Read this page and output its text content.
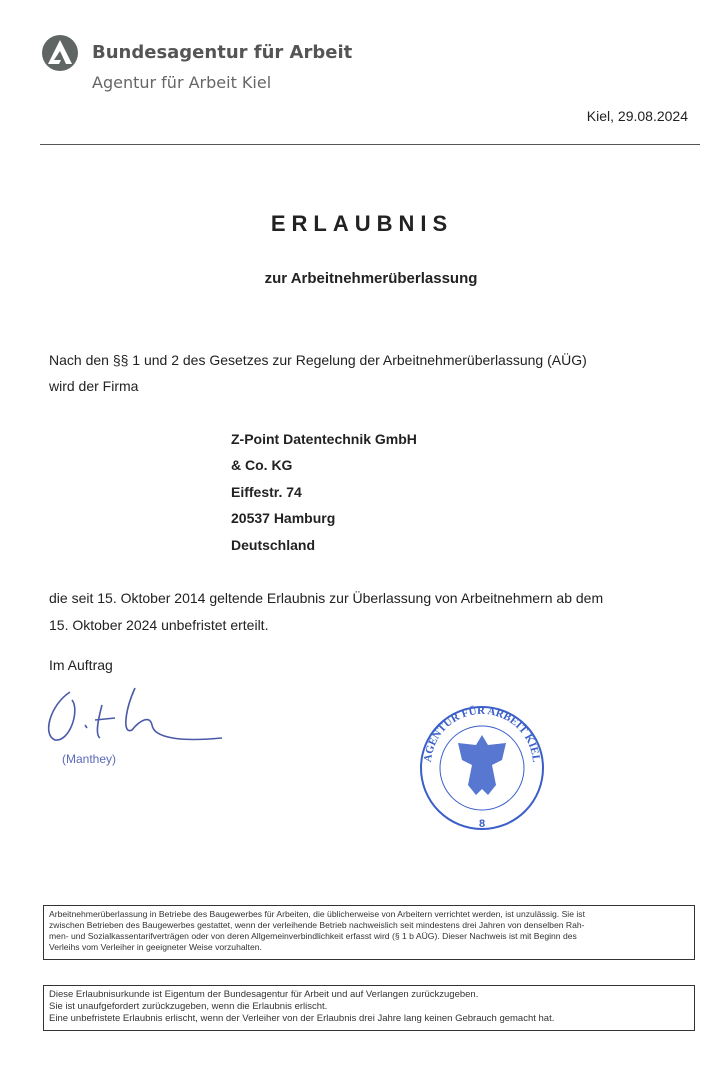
Bundesagentur für Arbeit
Agentur für Arbeit Kiel
Kiel, 29.08.2024
ERLAUBNIS
zur Arbeitnehmerüberlassung
Nach den §§ 1 und 2 des Gesetzes zur Regelung der Arbeitnehmerüberlassung (AÜG)
wird der Firma
Z-Point Datentechnik GmbH
& Co. KG
Eiffestr. 74
20537 Hamburg
Deutschland
die seit 15. Oktober 2014 geltende Erlaubnis zur Überlassung von Arbeitnehmern ab dem
15. Oktober 2024 unbefristet erteilt.
Im Auftrag
(Manthey)	AGENTUR FÜR ARBEIT KIEL
8
Arbeitnehmerüberlassung in Betriebe des Baugewerbes für Arbeiten, die üblicherweise von Arbeitern verrichtet werden, ist unzulässig. Sie ist
zwischen Betrieben des Baugewerbes gestattet, wenn der verleihende Betrieb nachweislich seit mindestens drei Jahren von denselben Rah-
men- und Sozialkassentarifverträgen oder von deren Allgemeinverbindlichkeit erfasst wird (§ 1 b AÜG). Dieser Nachweis ist mit Beginn des
Verleihs vom Verleiher in geeigneter Weise vorzuhalten.
Diese Erlaubnisurkunde ist Eigentum der Bundesagentur für Arbeit und auf Verlangen zurückzugeben.
Sie ist unaufgefordert zurückzugeben, wenn die Erlaubnis erlischt.
Eine unbefristete Erlaubnis erlischt, wenn der Verleiher von der Erlaubnis drei Jahre lang keinen Gebrauch gemacht hat.
